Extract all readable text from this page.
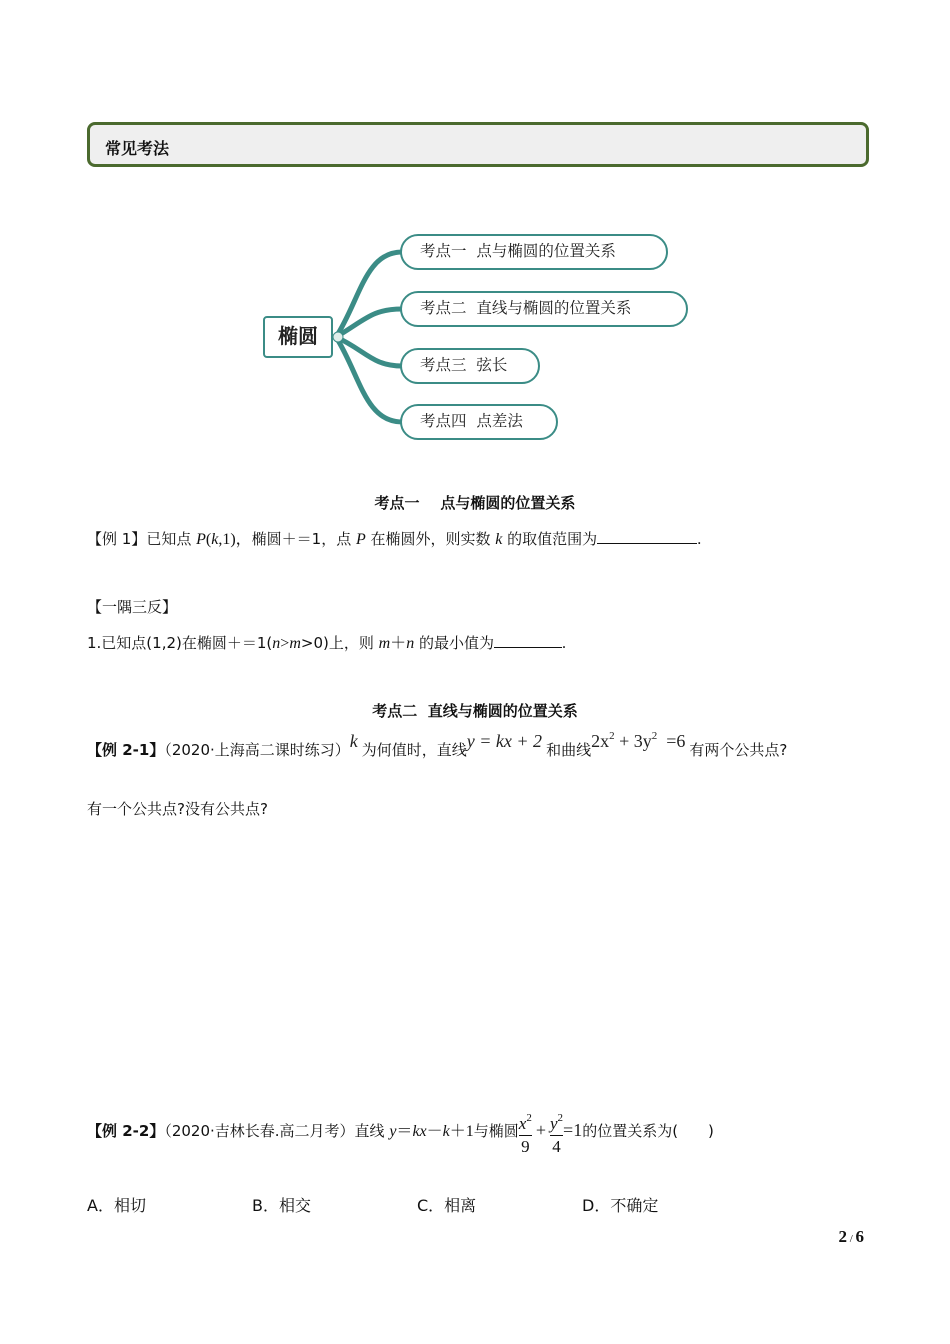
常见考法
椭圆
考点一  点与椭圆的位置关系
考点二  直线与椭圆的位置关系
考点三  弦长
考点四  点差法
考点一    点与椭圆的位置关系
【例 1】已知点 P(k,1)，椭圆＋＝1，点 P 在椭圆外，则实数 k 的取值范围为	.
【一隅三反】
1.已知点(1,2)在椭圆＋＝1(n>m>0)上，则 m＋n 的最小值为	.
考点二  直线与椭圆的位置关系
【例 2-1】（2020·上海高二课时练习）k 为何值时，直线y = kx + 2 和曲线$2x^2 + 3y^2 =6$ 有两个公共点?
有一个公共点?没有公共点?
【例 2-2】（2020·吉林长春.高二月考）直线 y＝kx－k＋1与椭圆 $\frac{x^2}{9} + \frac{y^2}{4} =1$的位置关系为(　　)
A．相切	B．相交	C．相离	D．不确定
2 / 6
